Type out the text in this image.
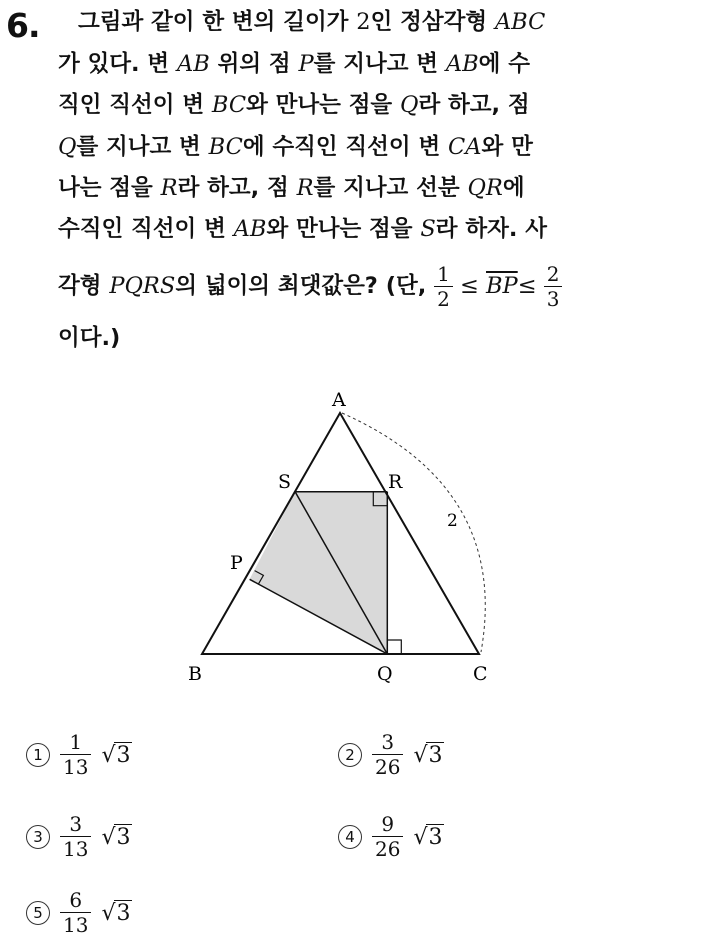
6. 그림과 같이 한 변의 길이가 2인 정삼각형 ABC
가 있다. 변 AB 위의 점 P를 지나고 변 AB에 수
직인 직선이 변 BC와 만나는 점을 Q라 하고, 점
Q를 지나고 변 BC에 수직인 직선이 변 CA와 만
나는 점을 R라 하고, 점 R를 지나고 선분 QR에
수직인 직선이 변 AB와 만나는 점을 S라 하자. 사
각형 PQRS의 넓이의 최댓값은? (단, $\frac{1}{2} \le \overline{BP}\le \frac{2}{3}$
이다.)
A
B	C
P
Q
R
S
2
$1 \frac{1}{13}$ √ 3	$2 \frac{3}{26}$ √ 3
$3 \frac{3}{13}$ √ 3	$4 \frac{9}{26}$ √ 3
$5 \frac{6}{13}$ √ 3
